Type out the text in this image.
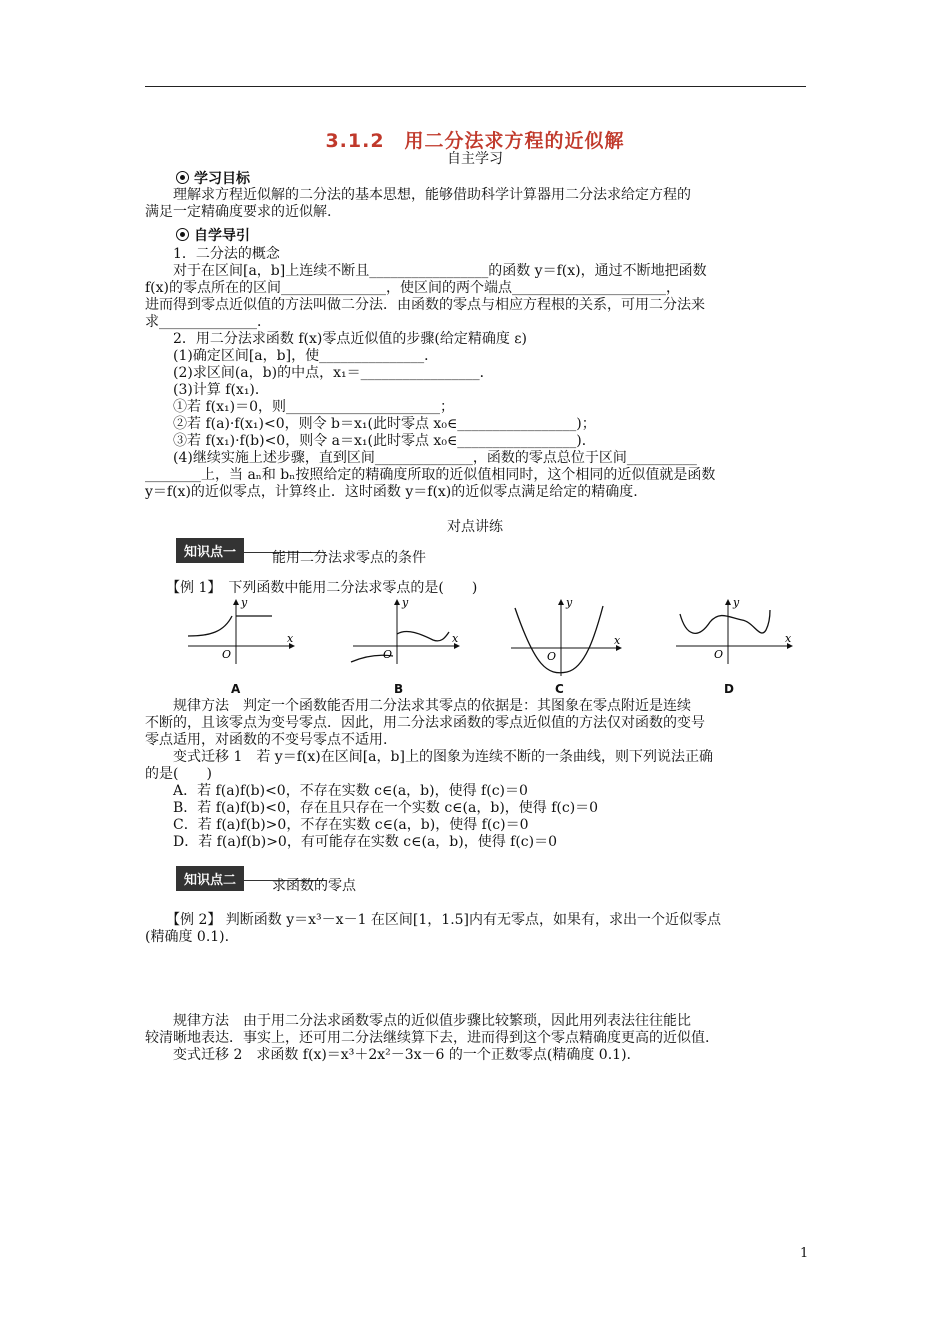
3.1.2　用二分法求方程的近似解
自主学习
学习目标
　　理解求方程近似解的二分法的基本思想，能够借助科学计算器用二分法求给定方程的
满足一定精确度要求的近似解.
自学导引
　　1．二分法的概念
　　对于在区间[a，b]上连续不断且_________________的函数 y＝f(x)，通过不断地把函数
f(x)的零点所在的区间_______________，使区间的两个端点______________________，
进而得到零点近似值的方法叫做二分法．由函数的零点与相应方程根的关系，可用二分法来
求______________．
　　2．用二分法求函数 f(x)零点近似值的步骤(给定精确度 ε)
　　(1)确定区间[a，b]，使_______________．
　　(2)求区间(a，b)的中点，x₁＝_________________．
　　(3)计算 f(x₁)．
　　①若 f(x₁)＝0，则______________________；
　　②若 f(a)·f(x₁)<0，则令 b＝x₁(此时零点 x₀∈_________________)；
　　③若 f(x₁)·f(b)<0，则令 a＝x₁(此时零点 x₀∈_________________)．
　　(4)继续实施上述步骤，直到区间______________，函数的零点总位于区间__________
________上，当 aₙ和 bₙ按照给定的精确度所取的近似值相同时，这个相同的近似值就是函数
y＝f(x)的近似零点，计算终止．这时函数 y＝f(x)的近似零点满足给定的精确度.
对点讲练
知识点一	能用二分法求零点的条件
　　【例 1】　下列函数中能用二分法求零点的是(　　)
y
x
O
A
y
x
O
B
y
x
O
C
y
x
O
D
　　规律方法　判定一个函数能否用二分法求其零点的依据是：其图象在零点附近是连续
不断的，且该零点为变号零点．因此，用二分法求函数的零点近似值的方法仅对函数的变号
零点适用，对函数的不变号零点不适用.
　　变式迁移 1　若 y＝f(x)在区间[a，b]上的图象为连续不断的一条曲线，则下列说法正确
的是(　　)
　　A．若 f(a)f(b)<0，不存在实数 c∈(a，b)，使得 f(c)＝0
　　B．若 f(a)f(b)<0，存在且只存在一个实数 c∈(a，b)，使得 f(c)＝0
　　C．若 f(a)f(b)>0，不存在实数 c∈(a，b)，使得 f(c)＝0
　　D．若 f(a)f(b)>0，有可能存在实数 c∈(a，b)，使得 f(c)＝0
知识点二	求函数的零点
　　【例 2】 判断函数 y＝x³－x－1 在区间[1，1.5]内有无零点，如果有，求出一个近似零点
(精确度 0.1).
　　规律方法　由于用二分法求函数零点的近似值步骤比较繁琐，因此用列表法往往能比
较清晰地表达．事实上，还可用二分法继续算下去，进而得到这个零点精确度更高的近似值.
　　变式迁移 2　求函数 f(x)＝x³＋2x²－3x－6 的一个正数零点(精确度 0.1).
1
